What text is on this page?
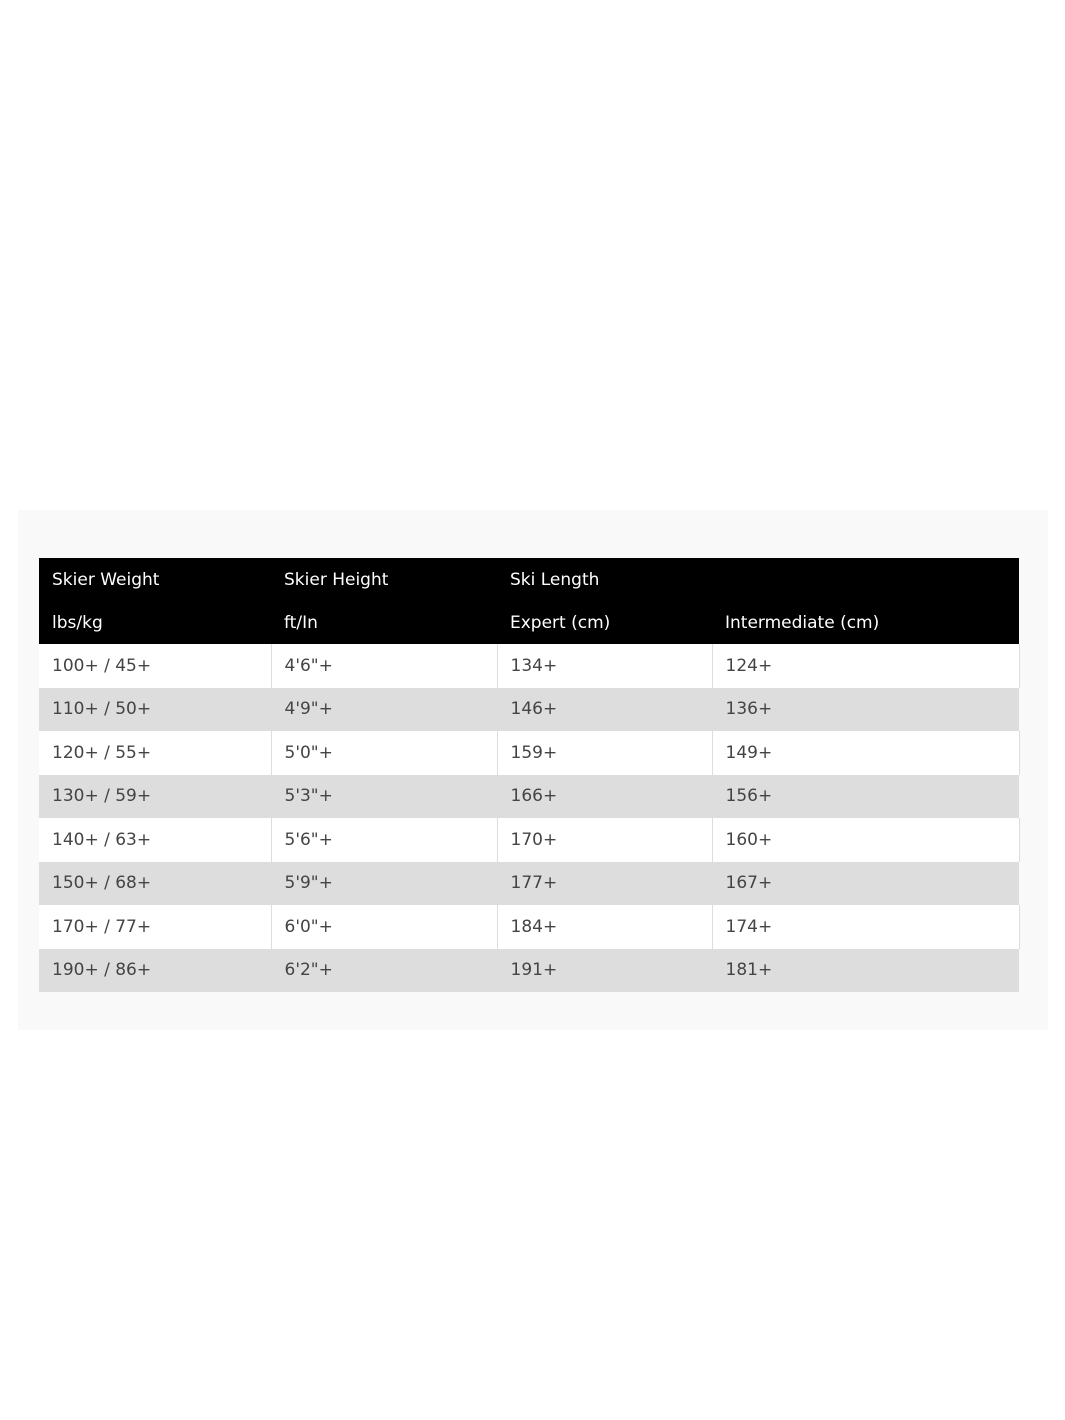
Skier Weight	Skier Height	Ski Length	
lbs/kg	ft/In	Expert (cm)	Intermediate (cm)
100+ / 45+	4'6"+	134+	124+
110+ / 50+	4'9"+	146+	136+
120+ / 55+	5'0"+	159+	149+
130+ / 59+	5'3"+	166+	156+
140+ / 63+	5'6"+	170+	160+
150+ / 68+	5'9"+	177+	167+
170+ / 77+	6'0"+	184+	174+
190+ / 86+	6'2"+	191+	181+
